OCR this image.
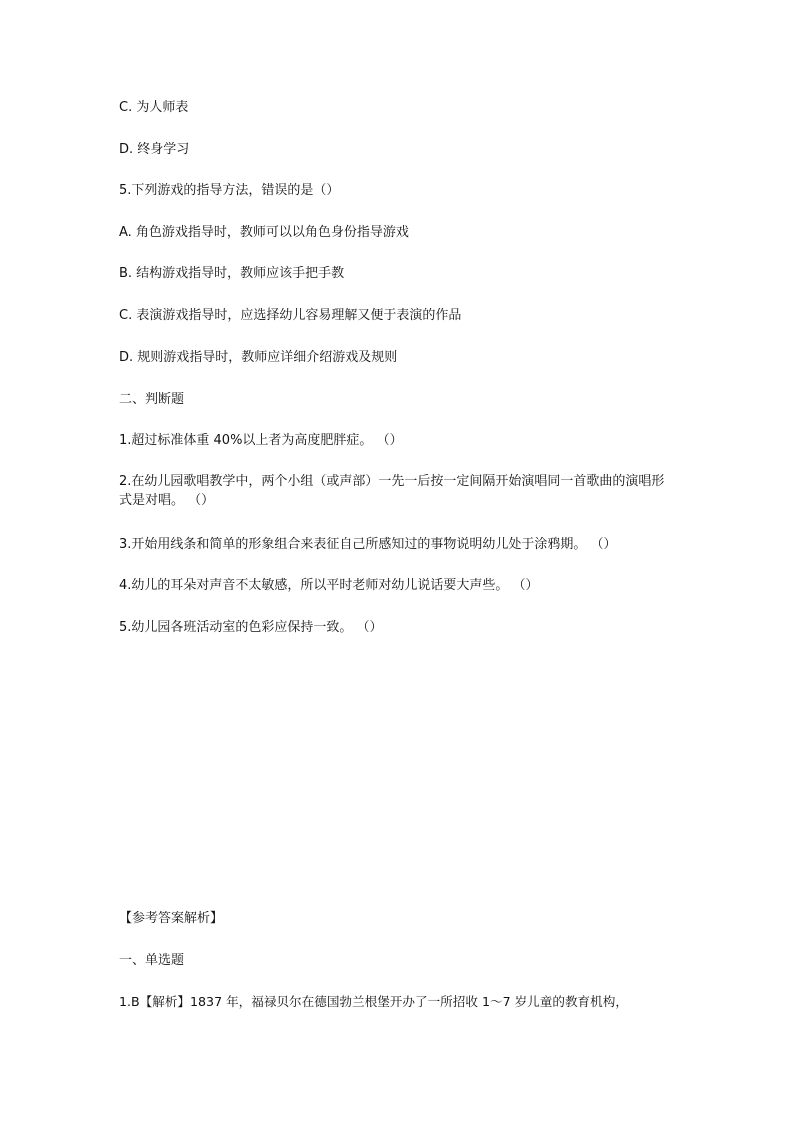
C. 为人师表
D. 终身学习
5.下列游戏的指导方法，错误的是（）
A. 角色游戏指导时，教师可以以角色身份指导游戏
B. 结构游戏指导时，教师应该手把手教
C. 表演游戏指导时，应选择幼儿容易理解又便于表演的作品
D. 规则游戏指导时，教师应详细介绍游戏及规则
二、判断题
1.超过标准体重 40%以上者为高度肥胖症。 （）
2.在幼儿园歌唱教学中，两个小组（或声部）一先一后按一定间隔开始演唱同一首歌曲的演唱形式是对唱。 （）
3.开始用线条和简单的形象组合来表征自己所感知过的事物说明幼儿处于涂鸦期。 （）
4.幼儿的耳朵对声音不太敏感，所以平时老师对幼儿说话要大声些。 （）
5.幼儿园各班活动室的色彩应保持一致。 （）
【参考答案解析】
一、单选题
1.B【解析】1837 年，福禄贝尔在德国勃兰根堡开办了一所招收 1～7 岁儿童的教育机构，
